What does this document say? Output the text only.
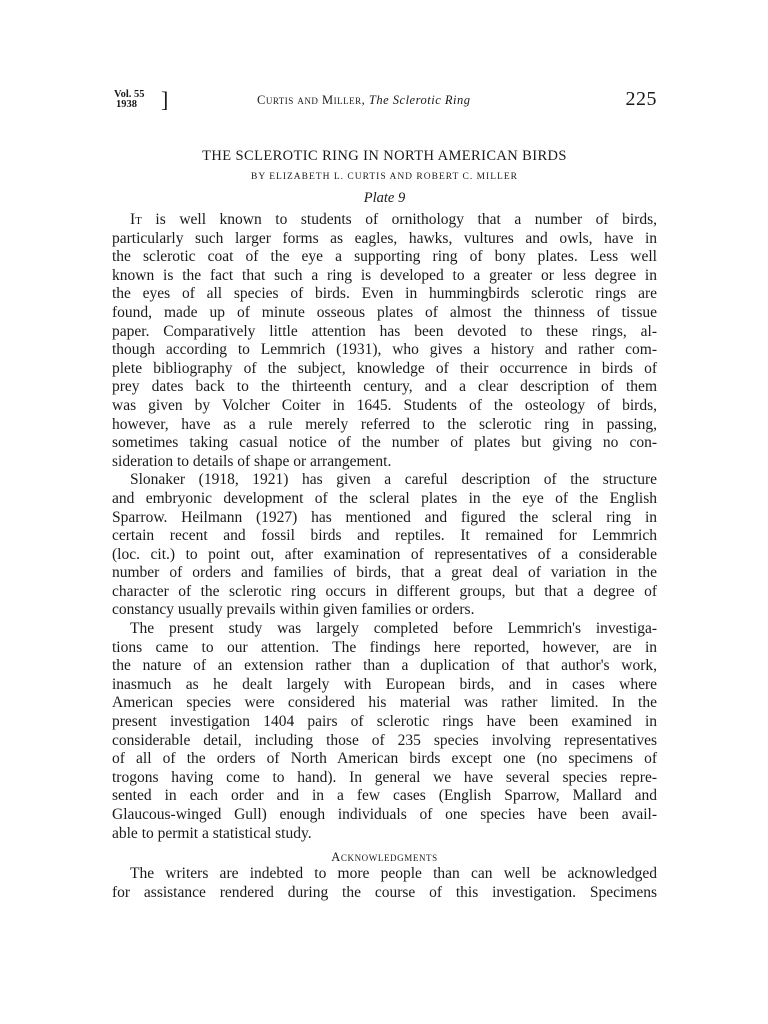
Vol. 55
1938	]	Curtis and Miller, The Sclerotic Ring	225
THE SCLEROTIC RING IN NORTH AMERICAN BIRDS
BY ELIZABETH L. CURTIS AND ROBERT C. MILLER
Plate 9
It is well known to students of ornithology that a number of birds,
particularly such larger forms as eagles, hawks, vultures and owls, have in
the sclerotic coat of the eye a supporting ring of bony plates. Less well
known is the fact that such a ring is developed to a greater or less degree in
the eyes of all species of birds. Even in hummingbirds sclerotic rings are
found, made up of minute osseous plates of almost the thinness of tissue
paper. Comparatively little attention has been devoted to these rings, al-
though according to Lemmrich (1931), who gives a history and rather com-
plete bibliography of the subject, knowledge of their occurrence in birds of
prey dates back to the thirteenth century, and a clear description of them
was given by Volcher Coiter in 1645. Students of the osteology of birds,
however, have as a rule merely referred to the sclerotic ring in passing,
sometimes taking casual notice of the number of plates but giving no con-
sideration to details of shape or arrangement.
Slonaker (1918, 1921) has given a careful description of the structure
and embryonic development of the scleral plates in the eye of the English
Sparrow. Heilmann (1927) has mentioned and figured the scleral ring in
certain recent and fossil birds and reptiles. It remained for Lemmrich
(loc. cit.) to point out, after examination of representatives of a considerable
number of orders and families of birds, that a great deal of variation in the
character of the sclerotic ring occurs in different groups, but that a degree of
constancy usually prevails within given families or orders.
The present study was largely completed before Lemmrich's investiga-
tions came to our attention. The findings here reported, however, are in
the nature of an extension rather than a duplication of that author's work,
inasmuch as he dealt largely with European birds, and in cases where
American species were considered his material was rather limited. In the
present investigation 1404 pairs of sclerotic rings have been examined in
considerable detail, including those of 235 species involving representatives
of all of the orders of North American birds except one (no specimens of
trogons having come to hand). In general we have several species repre-
sented in each order and in a few cases (English Sparrow, Mallard and
Glaucous-winged Gull) enough individuals of one species have been avail-
able to permit a statistical study.
Acknowledgments
The writers are indebted to more people than can well be acknowledged
for assistance rendered during the course of this investigation. Specimens
